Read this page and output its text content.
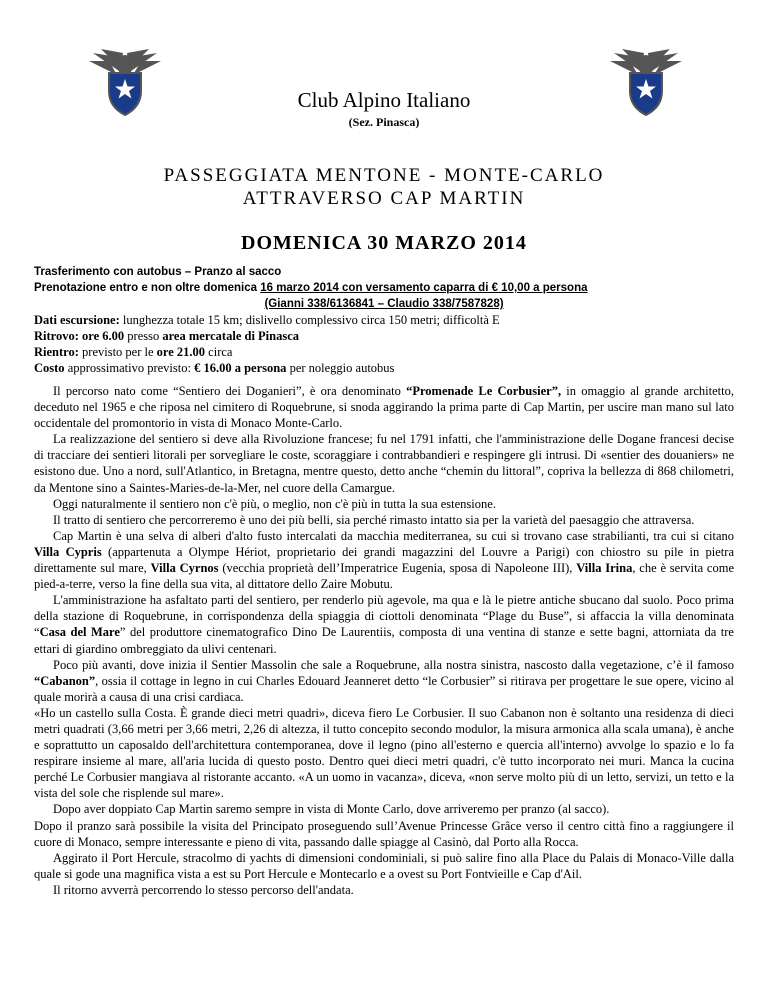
Club Alpino Italiano
(Sez. Pinasca)
PASSEGGIATA MENTONE - MONTE-CARLO
ATTRAVERSO CAP MARTIN
DOMENICA 30 MARZO 2014
Trasferimento con autobus – Pranzo al sacco
Prenotazione entro e non oltre domenica 16 marzo 2014 con versamento caparra di € 10,00 a persona
(Gianni 338/6136841 – Claudio 338/7587828)
Dati escursione: lunghezza totale 15 km; dislivello complessivo circa 150 metri; difficoltà E
Ritrovo: ore 6.00 presso area mercatale di Pinasca
Rientro: previsto per le ore 21.00 circa
Costo approssimativo previsto: € 16.00 a persona per noleggio autobus

Il percorso nato come “Sentiero dei Doganieri”, è ora denominato “Promenade Le Corbusier”, in omaggio al grande architetto, deceduto nel 1965 e che riposa nel cimitero di Roquebrune, si snoda aggirando la prima parte di Cap Martin, per uscire man mano sul lato occidentale del promontorio in vista di Monaco Monte-Carlo.

La realizzazione del sentiero si deve alla Rivoluzione francese; fu nel 1791 infatti, che l'amministrazione delle Dogane francesi decise di tracciare dei sentieri litorali per sorvegliare le coste, scoraggiare i contrabbandieri e respingere gli intrusi. Di «sentier des douaniers» ne esistono due. Uno a nord, sull'Atlantico, in Bretagna, mentre questo, detto anche “chemin du littoral”, copriva la bellezza di 868 chilometri, da Mentone sino a Saintes-Maries-de-la-Mer, nel cuore della Camargue.

Oggi naturalmente il sentiero non c'è più, o meglio, non c'è più in tutta la sua estensione.

Il tratto di sentiero che percorreremo è uno dei più belli, sia perché rimasto intatto sia per la varietà del paesaggio che attraversa.

Cap Martin è una selva di alberi d'alto fusto intercalati da macchia mediterranea, su cui si trovano case strabilianti, tra cui si citano Villa Cypris (appartenuta a Olympe Hériot, proprietario dei grandi magazzini del Louvre a Parigi) con chiostro su pile in pietra direttamente sul mare, Villa Cyrnos (vecchia proprietà dell’Imperatrice Eugenia, sposa di Napoleone III), Villa Irina, che è servita come pied-a-terre, verso la fine della sua vita, al dittatore dello Zaire Mobutu.

L'amministrazione ha asfaltato parti del sentiero, per renderlo più agevole, ma qua e là le pietre antiche sbucano dal suolo. Poco prima della stazione di Roquebrune, in corrispondenza della spiaggia di ciottoli denominata “Plage du Buse”, si affaccia la villa denominata “Casa del Mare” del produttore cinematografico Dino De Laurentiis, composta di una ventina di stanze e sette bagni, attorniata da tre ettari di giardino ombreggiato da ulivi centenari.

Poco più avanti, dove inizia il Sentier Massolin che sale a Roquebrune, alla nostra sinistra, nascosto dalla vegetazione, c’è il famoso “Cabanon”, ossia il cottage in legno in cui Charles Edouard Jeanneret detto “le Corbusier” si ritirava per progettare le sue opere, vicino al quale morirà a causa di una crisi cardiaca.

«Ho un castello sulla Costa. È grande dieci metri quadri», diceva fiero Le Corbusier. Il suo Cabanon non è soltanto una residenza di dieci metri quadrati (3,66 metri per 3,66 metri, 2,26 di altezza, il tutto concepito secondo modulor, la misura armonica alla scala umana), è anche e soprattutto un caposaldo dell'architettura contemporanea, dove il legno (pino all'esterno e quercia all'interno) avvolge lo spazio e lo fa respirare insieme al mare, all'aria lucida di questo posto. Dentro quei dieci metri quadri, c'è tutto incorporato nei muri. Manca la cucina perché Le Corbusier mangiava al ristorante accanto. «A un uomo in vacanza», diceva, «non serve molto più di un letto, servizi, un tetto e la vista del sole che risplende sul mare».

Dopo aver doppiato Cap Martin saremo sempre in vista di Monte Carlo, dove arriveremo per pranzo (al sacco).

Dopo il pranzo sarà possibile la visita del Principato proseguendo sull’Avenue Princesse Grâce verso il centro città fino a raggiungere il cuore di Monaco, sempre interessante e pieno di vita, passando dalle spiagge al Casinò, dal Porto alla Rocca.

Aggirato il Port Hercule, stracolmo di yachts di dimensioni condominiali, si può salire fino alla Place du Palais di Monaco-Ville dalla quale si gode una magnifica vista a est su Port Hercule e Montecarlo e a ovest su Port Fontvieille e Cap d'Ail.

Il ritorno avverrà percorrendo lo stesso percorso dell'andata.
